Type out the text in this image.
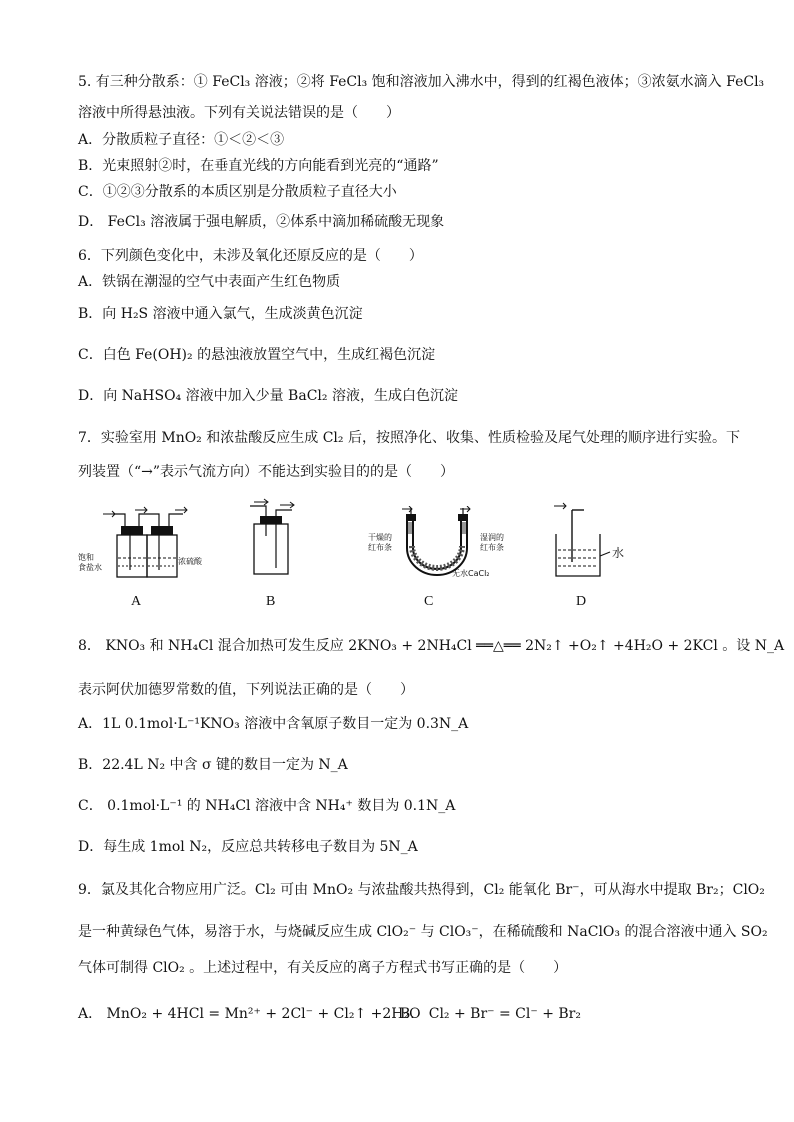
5. 有三种分散系：① FeCl₃ 溶液；②将 FeCl₃ 饱和溶液加入沸水中，得到的红褐色液体；③浓氨水滴入 FeCl₃
溶液中所得悬浊液。下列有关说法错误的是（　　）
A．分散质粒子直径：①＜②＜③
B．光束照射②时，在垂直光线的方向能看到光亮的“通路”
C．①②③分散系的本质区别是分散质粒子直径大小
D． FeCl₃ 溶液属于强电解质，②体系中滴加稀硫酸无现象
6．下列颜色变化中，未涉及氧化还原反应的是（　　）
A．铁锅在潮湿的空气中表面产生红色物质
B．向 H₂S 溶液中通入氯气，生成淡黄色沉淀
C．白色 Fe(OH)₂ 的悬浊液放置空气中，生成红褐色沉淀
D．向 NaHSO₄ 溶液中加入少量 BaCl₂ 溶液，生成白色沉淀
7．实验室用 MnO₂ 和浓盐酸反应生成 Cl₂ 后，按照净化、收集、性质检验及尾气处理的顺序进行实验。下
列装置（“→”表示气流方向）不能达到实验目的的是（　　）
饱和
食盐水
浓硫酸
干燥的
红布条
湿润的
红布条
无水CaCl₂
水
A	B	C	D
8． KNO₃ 和 NH₄Cl 混合加热可发生反应 2KNO₃ + 2NH₄Cl ══△══ 2N₂↑ +O₂↑ +4H₂O + 2KCl 。设 N_A
表示阿伏加德罗常数的值，下列说法正确的是（　　）
A．1L 0.1mol·L⁻¹KNO₃ 溶液中含氧原子数目一定为 0.3N_A
B．22.4L N₂ 中含 σ 键的数目一定为 N_A
C． 0.1mol·L⁻¹ 的 NH₄Cl 溶液中含 NH₄⁺ 数目为 0.1N_A
D．每生成 1mol N₂，反应总共转移电子数目为 5N_A
9．氯及其化合物应用广泛。Cl₂ 可由 MnO₂ 与浓盐酸共热得到，Cl₂ 能氧化 Br⁻，可从海水中提取 Br₂；ClO₂
是一种黄绿色气体，易溶于水，与烧碱反应生成 ClO₂⁻ 与 ClO₃⁻，在稀硫酸和 NaClO₃ 的混合溶液中通入 SO₂
气体可制得 ClO₂ 。上述过程中，有关反应的离子方程式书写正确的是（　　）
A． MnO₂ + 4HCl = Mn²⁺ + 2Cl⁻ + Cl₂↑ +2H₂O
B． Cl₂ + Br⁻ = Cl⁻ + Br₂
